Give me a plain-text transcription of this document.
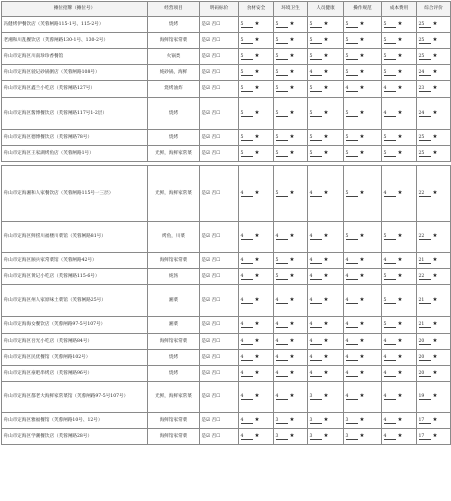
摊位招牌（摊位号）	经营项目	明码标价	食材安全	环境卫生	人员健康	操作规范	成本费用	综合评价
冯健烤伊餐饮店（芙蓉闸路115-1号、115-2号）	烧烤	是☑ 否☐	5 ★	5 ★	5 ★	5 ★	5 ★	25 ★
老湘和川乱餐饮店（芙蓉闸路130-1号、130-2号）	海鲜馆家常菜	是☑ 否☐	5 ★	5 ★	5 ★	5 ★	5 ★	25 ★
舟山市定海区川南珍珍香餐馆	火锅类	是☑ 否☐	5 ★	5 ★	5 ★	5 ★	5 ★	25 ★
舟山市定海区驶记砂锅粥店（芙蓉闸路108号）	炖砂锅，海鲜	是☑ 否☐	5 ★	5 ★	4 ★	5 ★	5 ★	24 ★
舟山市定海区鑫兰小吃店（芙蓉闸路127号）	烧烤油炸	是☑ 否☐	5 ★	5 ★	5 ★	4 ★	4 ★	23 ★
舟山市定海区酱博餐饮店（芙蓉闸路117号1-2层）	烧烤	是☑ 否☐	5 ★	5 ★	5 ★	5 ★	4 ★	24 ★
舟山市定海区德博餐饮店（芙蓉闸路78号）	烧烤	是☑ 否☐	5 ★	5 ★	5 ★	5 ★	5 ★	25 ★
舟山市定海区王家湖烤鱼店（芙蓉闸路1号）	光鲜，海鲜家常菜	是☑ 否☐	5 ★	5 ★	5 ★	5 ★	5 ★	25 ★

舟山市定海湘和人家餐饮店（芙蓉闸路115号一三层）	光鲜，海鲜家常菜	是☑ 否☐	4 ★	5 ★	4 ★	5 ★	4 ★	22 ★
舟山市定海区鲜捞川福楼川菜馆（芙蓉闸路81号）	烤鱼，川菜	是☑ 否☐	4 ★	4 ★	4 ★	5 ★	5 ★	22 ★
舟山市定海区颐兵家常菜馆（芙蓉闸路42号）	海鲜馆家常菜	是☑ 否☐	4 ★	5 ★	4 ★	4 ★	4 ★	21 ★
舟山市定海区黄记小吃店（芙蓉闸路115-6号）	炖汤	是☑ 否☐	4 ★	5 ★	4 ★	4 ★	5 ★	22 ★
舟山市定海区州人家原味土菜馆（芙蓉闸路25号）	湘菜	是☑ 否☐	4 ★	4 ★	4 ★	4 ★	5 ★	21 ★
舟山市定海海女餐饮店（芙蓉闸路97-5号107号）	湘菜	是☑ 否☐	4 ★	4 ★	4 ★	4 ★	5 ★	21 ★
舟山市定海区吾光小吃店（芙蓉闸路84号）	海鲜馆家常菜	是☑ 否☐	4 ★	4 ★	4 ★	4 ★	4 ★	20 ★
舟山市定海区民优餐馆（芙蓉闸路102号）	烧烤	是☑ 否☐	4 ★	4 ★	4 ★	4 ★	4 ★	20 ★
舟山市定海区豪吧串烤店（芙蓉闸路96号）	烧烤	是☑ 否☐	4 ★	4 ★	4 ★	4 ★	4 ★	20 ★
舟山市定海区都老大海鲜家常菜馆（芙蓉闸路97-5号107号）	光鲜，海鲜家常菜	是☑ 否☐	4 ★	4 ★	3 ★	4 ★	4 ★	19 ★
舟山市定海区雅福餐馆（芙蓉闸路10号、12号）	海鲜馆家常菜	是☑ 否☐	4 ★	3 ★	3 ★	3 ★	4 ★	17 ★
舟山市定海区学潮餐饮店（芙蓉闸路28号）	海鲜馆家常菜	是☑ 否☐	4 ★	3 ★	3 ★	3 ★	4 ★	17 ★
